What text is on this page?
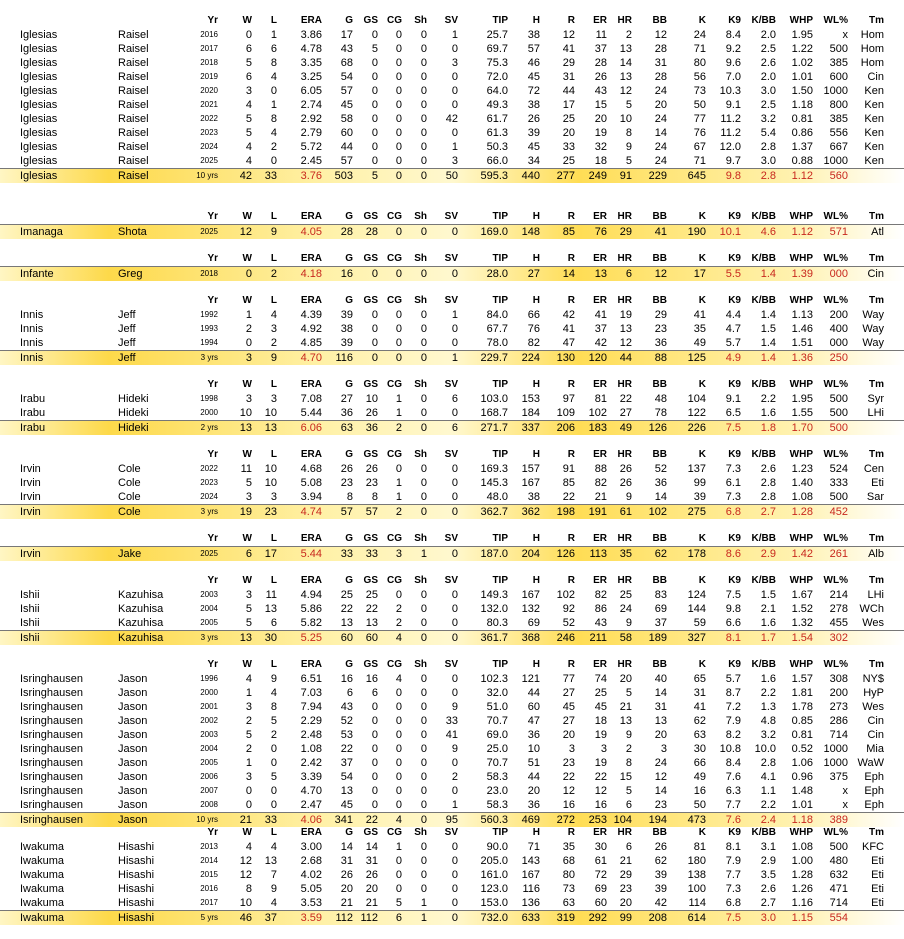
Yr W L ERA G GS CG Sh SV	TIP H	R ER HR BB	K K9 K/BB WHP WL% Tm
Iglesias	Raisel	2016	0 1 3.86 17 0 0 0 1	25.7 38 12 11 2 12 24 8.4 2.0 1.95	x Hom
Iglesias	Raisel	2017	6 6 4.78 43 5 0 0 0	69.7 57 41 37 13 28 71 9.2 2.5 1.22 500 Hom
Iglesias	Raisel	2018	5 8 3.35 68 0 0 0 3	75.3 46 29 28 14 31 80 9.6 2.6 1.02 385 Hom
Iglesias	Raisel	2019	6 4 3.25 54 0 0 0 0	72.0 45 31 26 13 28 56 7.0 2.0 1.01 600 Cin
Iglesias	Raisel	2020	3 0 6.05 57 0 0 0 0	64.0 72 44 43 12 24 73 10.3 3.0 1.50 1000 Ken
Iglesias	Raisel	2021	4 1 2.74 45 0 0 0 0	49.3 38 17 15 5 20 50 9.1 2.5 1.18 800 Ken
Iglesias	Raisel	2022	5 8 2.92 58 0 0 0 42	61.7 26 25 20 10 24 77 11.2 3.2 0.81 385 Ken
Iglesias	Raisel	2023	5 4 2.79 60 0 0 0 0	61.3 39 20 19 8 14 76 11.2 5.4 0.86 556 Ken
Iglesias	Raisel	2024	4 2 5.72 44 0 0 0 1	50.3 45 33 32 9 24 67 12.0 2.8 1.37 667 Ken
Iglesias	Raisel	2025	4 0 2.45 57 0 0 0 3	66.0 34 25 18 5 24 71 9.7 3.0 0.88 1000 Ken
Iglesias	Raisel	10 yrs 42 33 3.76 503 5 0 0 50 595.3 440 277 249 91 229 645 9.8 2.8 1.12 560
Yr W L ERA G GS CG Sh SV	TIP H	R ER HR BB	K K9 K/BB WHP WL% Tm
Imanaga	Shota	2025 12 9 4.05 28 28 0 0 0 169.0 148 85 76 29 41 190 10.1 4.6 1.12 571 Atl
Yr W L ERA G GS CG Sh SV	TIP H	R ER HR BB	K K9 K/BB WHP WL% Tm
Infante	Greg	2018	0 2 4.18 16 0 0 0 0	28.0 27 14 13 6 12 17 5.5 1.4 1.39 000 Cin
Yr W L ERA G GS CG Sh SV	TIP H	R ER HR BB	K K9 K/BB WHP WL% Tm
Innis	Jeff	1992	1 4 4.39 39 0 0 0 1	84.0 66 42 41 19 29 41 4.4 1.4 1.13 200 Way
Innis	Jeff	1993	2 3 4.92 38 0 0 0 0	67.7 76 41 37 13 23 35 4.7 1.5 1.46 400 Way
Innis	Jeff	1994	0 2 4.85 39 0 0 0 0	78.0 82 47 42 12 36 49 5.7 1.4 1.51 000 Way
Innis	Jeff	3 yrs	3 9 4.70 116 0 0 0 1 229.7 224 130 120 44 88 125 4.9 1.4 1.36 250
Yr W L ERA G GS CG Sh SV	TIP H	R ER HR BB	K K9 K/BB WHP WL% Tm
Irabu	Hideki	1998	3 3 7.08 27 10 1 0 6 103.0 153 97 81 22 48 104 9.1 2.2 1.95 500 Syr
Irabu	Hideki	2000 10 10 5.44 36 26 1 0 0 168.7 184 109 102 27 78 122 6.5 1.6 1.55 500 LHi
Irabu	Hideki	2 yrs 13 13 6.06 63 36 2 0 6 271.7 337 206 183 49 126 226 7.5 1.8 1.70 500
Yr W L ERA G GS CG Sh SV	TIP H	R ER HR BB	K K9 K/BB WHP WL% Tm
Irvin	Cole	2022 11 10 4.68 26 26 0 0 0 169.3 157 91 88 26 52 137 7.3 2.6 1.23 524 Cen
Irvin	Cole	2023	5 10 5.08 23 23 1 0 0 145.3 167 85 82 26 36 99 6.1 2.8 1.40 333 Eti
Irvin	Cole	2024	3 3 3.94 8 8 1 0 0	48.0 38 22 21 9 14 39 7.3 2.8 1.08 500 Sar
Irvin	Cole	3 yrs 19 23 4.74 57 57 2 0 0 362.7 362 198 191 61 102 275 6.8 2.7 1.28 452
Yr W L ERA G GS CG Sh SV	TIP H	R ER HR BB	K K9 K/BB WHP WL% Tm
Irvin	Jake	2025	6 17 5.44 33 33 3 1 0 187.0 204 126 113 35 62 178 8.6 2.9 1.42 261 Alb
Yr W L ERA G GS CG Sh SV	TIP H	R ER HR BB	K K9 K/BB WHP WL% Tm
Ishii	Kazuhisa	2003	3 11 4.94 25 25 0 0 0 149.3 167 102 82 25 83 124 7.5 1.5 1.67 214 LHi
Ishii	Kazuhisa	2004	5 13 5.86 22 22 2 0 0 132.0 132 92 86 24 69 144 9.8 2.1 1.52 278 WCh
Ishii	Kazuhisa	2005	5 6 5.82 13 13 2 0 0	80.3 69 52 43 9 37 59 6.6 1.6 1.32 455 Wes
Ishii	Kazuhisa	3 yrs 13 30 5.25 60 60 4 0 0 361.7 368 246 211 58 189 327 8.1 1.7 1.54 302
Yr W L ERA G GS CG Sh SV	TIP H	R ER HR BB	K K9 K/BB WHP WL% Tm
Isringhausen	Jason	1996	4 9 6.51 16 16 4 0 0 102.3 121 77 74 20 40 65 5.7 1.6 1.57 308 NY$
Isringhausen	Jason	2000	1 4 7.03 6 6 0 0 0	32.0 44 27 25 5 14 31 8.7 2.2 1.81 200 HyP
Isringhausen	Jason	2001	3 8 7.94 43 0 0 0 9	51.0 60 45 45 21 31 41 7.2 1.3 1.78 273 Wes
Isringhausen	Jason	2002	2 5 2.29 52 0 0 0 33	70.7 47 27 18 13 13 62 7.9 4.8 0.85 286 Cin
Isringhausen	Jason	2003	5 2 2.48 53 0 0 0 41	69.0 36 20 19 9 20 63 8.2 3.2 0.81 714 Cin
Isringhausen	Jason	2004	2 0 1.08 22 0 0 0 9	25.0 10	3 3 2	3 30 10.8 10.0 0.52 1000 Mia
Isringhausen	Jason	2005	1 0 2.42 37 0 0 0 0	70.7 51 23 19 8 24 66 8.4 2.8 1.06 1000 WaW
Isringhausen	Jason	2006	3 5 3.39 54 0 0 0 2	58.3 44 22 22 15 12 49 7.6 4.1 0.96 375 Eph
Isringhausen	Jason	2007	0 0 4.70 13 0 0 0 0	23.0 20 12 12 5 14 16 6.3 1.1 1.48	x Eph
Isringhausen	Jason	2008	0 0 2.47 45 0 0 0 1	58.3 36 16 16 6 23 50 7.7 2.2 1.01	x Eph
Isringhausen	Jason	10 yrs 21 33 4.06 341 22 4 0 95 560.3 469 272 253 104 194 473 7.6 2.4 1.18 389
Yr W L ERA G GS CG Sh SV	TIP H	R ER HR BB	K K9 K/BB WHP WL% Tm
Iwakuma	Hisashi	2013	4 4 3.00 14 14 1 0 0	90.0 71 35 30 6 26 81 8.1 3.1 1.08 500 KFC
Iwakuma	Hisashi	2014 12 13 2.68 31 31 0 0 0 205.0 143 68 61 21 62 180 7.9 2.9 1.00 480 Eti
Iwakuma	Hisashi	2015 12 7 4.02 26 26 0 0 0 161.0 167 80 72 29 39 138 7.7 3.5 1.28 632 Eti
Iwakuma	Hisashi	2016	8 9 5.05 20 20 0 0 0 123.0 116 73 69 23 39 100 7.3 2.6 1.26 471 Eti
Iwakuma	Hisashi	2017 10 4 3.53 21 21 5 1 0 153.0 136 63 60 20 42 114 6.8 2.7 1.16 714 Eti
Iwakuma	Hisashi	5 yrs 46 37 3.59 112 112 6 1 0 732.0 633 319 292 99 208 614 7.5 3.0 1.15 554
